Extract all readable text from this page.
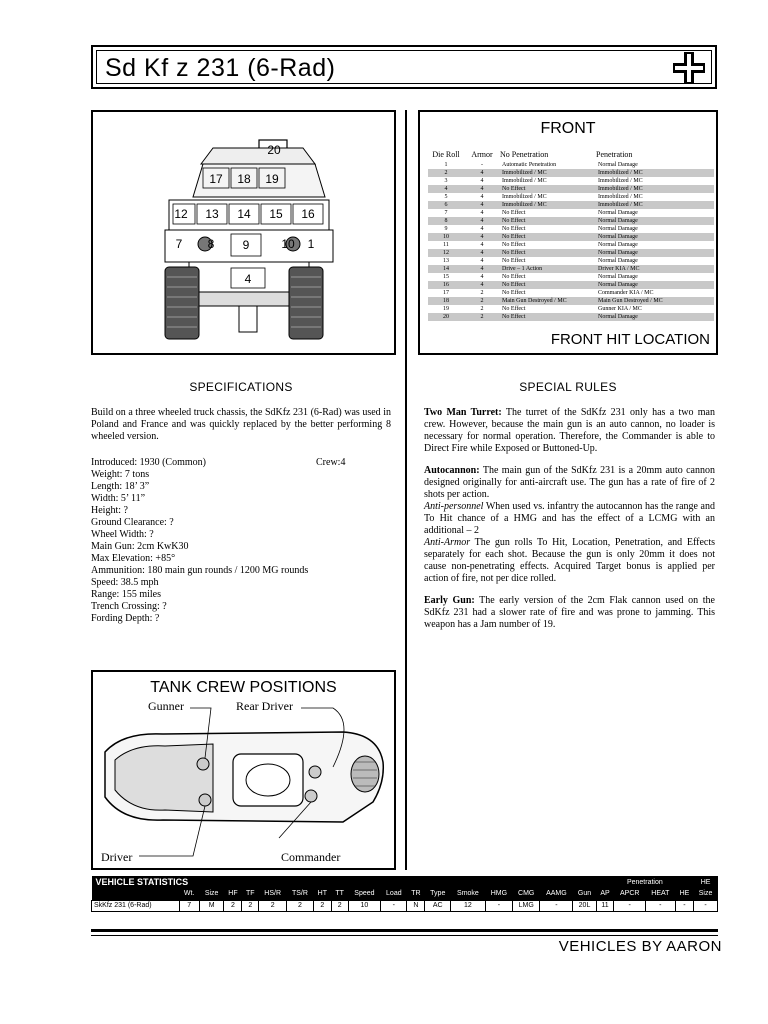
Sd Kf z 231 (6-Rad)
20
17 18 19
12 13 14 15 16
7 8 9	10 1
4
FRONT
Die Roll	Armor	No Penetration	Penetration
1	-	Automatic Penetration	Normal Damage
2	4	Immobilized / MC	Immobilized / MC
3	4	Immobilized / MC	Immobilized / MC
4	4	No Effect	Immobilized / MC
5	4	Immobilized / MC	Immobilized / MC
6	4	Immobilized / MC	Immobilized / MC
7	4	No Effect	Normal Damage
8	4	No Effect	Normal Damage
9	4	No Effect	Normal Damage
10	4	No Effect	Normal Damage
11	4	No Effect	Normal Damage
12	4	No Effect	Normal Damage
13	4	No Effect	Normal Damage
14	4	Drive – 1 Action	Driver KIA / MC
15	4	No Effect	Normal Damage
16	4	No Effect	Normal Damage
17	2	No Effect	Commander KIA / MC
18	2	Main Gun Destroyed / MC	Main Gun Destroyed / MC
19	2	No Effect	Gunner KIA / MC
20	2	No Effect	Normal Damage
FRONT HIT LOCATION
SPECIFICATIONS
Build on a three wheeled truck chassis, the SdKfz 231 (6-Rad) was used in Poland and France and was quickly replaced by the better performing 8 wheeled version.
Introduced: 1930 (Common)
Weight: 7 tons
Length: 18’ 3”
Width: 5’ 11”
Height: ?
Ground Clearance: ?
Wheel Width: ?
Main Gun: 2cm KwK30
Max Elevation: +85°
Ammunition: 180 main gun rounds / 1200 MG rounds
Speed: 38.5 mph
Range: 155 miles
Trench Crossing: ?
Fording Depth: ?
Crew:4
SPECIAL RULES

Two Man Turret: The turret of the SdKfz 231 only has a two man crew. However, because the main gun is an auto cannon, no loader is necessary for normal operation. Therefore, the Commander is able to Direct Fire while Exposed or Buttoned-Up.

Autocannon: The main gun of the SdKfz 231 is a 20mm auto cannon designed originally for anti-aircraft use. The gun has a rate of fire of 2 shots per action.

Anti-personnel When used vs. infantry the autocannon has the range and To Hit chance of a HMG and has the effect of a LCMG with an additional – 2

Anti-Armor The gun rolls To Hit, Location, Penetration, and Effects separately for each shot. Because the gun is only 20mm it does not cause non-penetrating effects. Acquired Target bonus is applied per action of fire, not per dice rolled.

Early Gun: The early version of the 2cm Flak cannon used on the SdKfz 231 had a slower rate of fire and was prone to jamming. This weapon has a Jam number of 19.

TANK CREW POSITIONS
Gunner	Rear Driver
Driver	Commander
VEHICLE STATISTICS																		Penetration				HE
	Wt.	Size	HF	TF	HS/R	TS/R	HT	TT	Speed	Load	TR	Type	Smoke	HMG	CMG	AAMG	Gun	AP	APCR	HEAT	HE	Size
SkKfz 231 (6-Rad)	7	M	2	2	2	2	2	2	10	-	N	AC	12	-	LMG	-	20L	11	-	-	-	-
VEHICLES BY AARON
